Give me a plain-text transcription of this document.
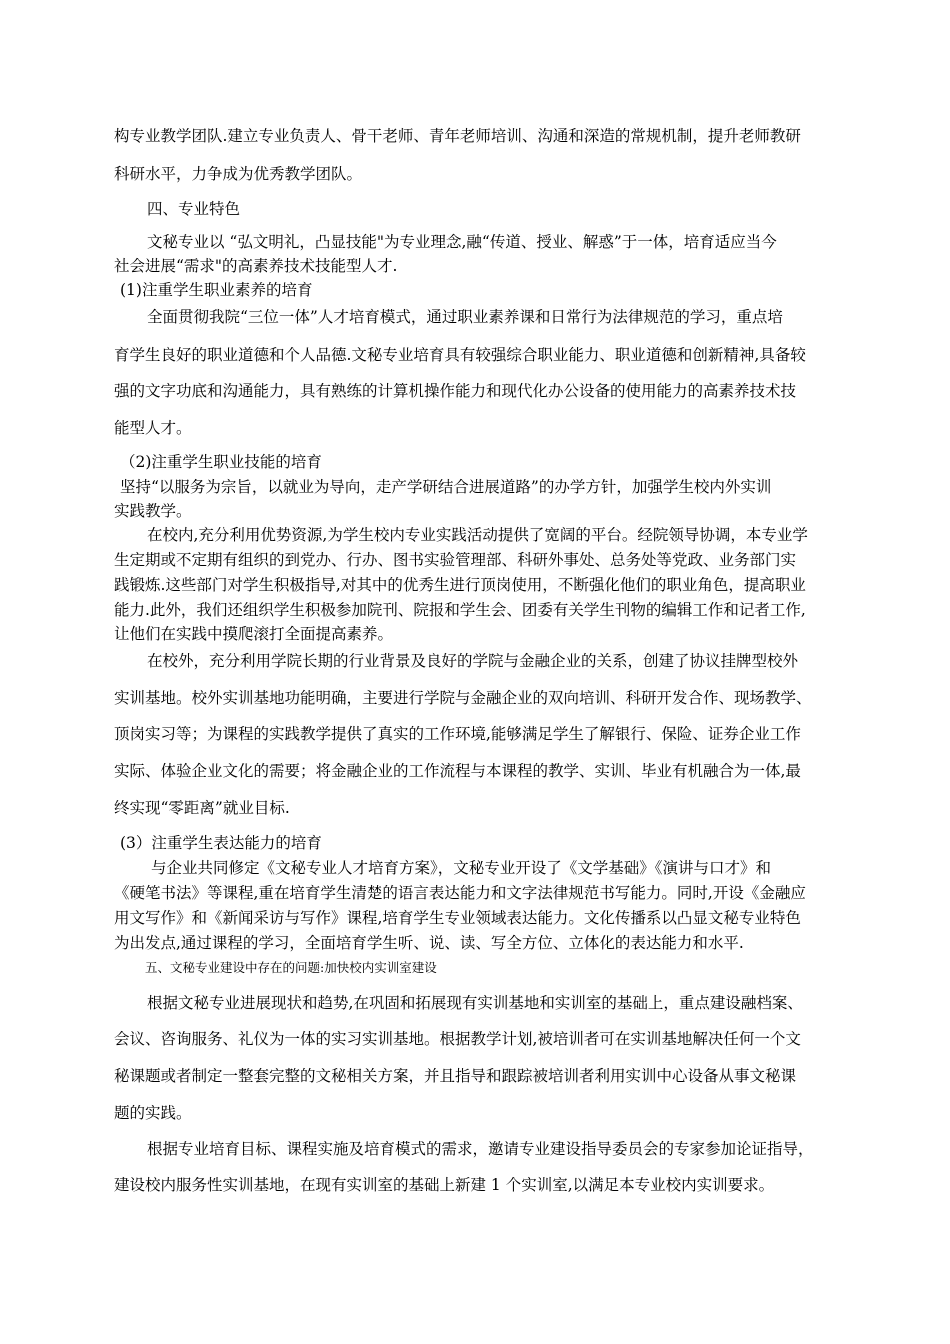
构专业教学团队.建立专业负责人、骨干老师、青年老师培训、沟通和深造的常规机制，提升老师教研
科研水平，力争成为优秀教学团队。
四、专业特色
文秘专业以 “弘文明礼，凸显技能"为专业理念,融“传道、授业、解惑”于一体，培育适应当今
社会进展“需求"的高素养技术技能型人才.
(1)注重学生职业素养的培育
全面贯彻我院“三位一体”人才培育模式，通过职业素养课和日常行为法律规范的学习，重点培
育学生良好的职业道德和个人品德.文秘专业培育具有较强综合职业能力、职业道德和创新精神,具备较
强的文字功底和沟通能力，具有熟练的计算机操作能力和现代化办公设备的使用能力的高素养技术技
能型人才。
（2)注重学生职业技能的培育
坚持“以服务为宗旨，以就业为导向，走产学研结合进展道路”的办学方针，加强学生校内外实训
实践教学。
在校内,充分利用优势资源,为学生校内专业实践活动提供了宽阔的平台。经院领导协调，本专业学
生定期或不定期有组织的到党办、行办、图书实验管理部、科研外事处、总务处等党政、业务部门实
践锻炼.这些部门对学生积极指导,对其中的优秀生进行顶岗使用，不断强化他们的职业角色，提高职业
能力.此外，我们还组织学生积极参加院刊、院报和学生会、团委有关学生刊物的编辑工作和记者工作,
让他们在实践中摸爬滚打全面提高素养。
在校外，充分利用学院长期的行业背景及良好的学院与金融企业的关系，创建了协议挂牌型校外
实训基地。校外实训基地功能明确，主要进行学院与金融企业的双向培训、科研开发合作、现场教学、
顶岗实习等；为课程的实践教学提供了真实的工作环境,能够满足学生了解银行、保险、证券企业工作
实际、体验企业文化的需要；将金融企业的工作流程与本课程的教学、实训、毕业有机融合为一体,最
终实现“零距离”就业目标.
(3）注重学生表达能力的培育
与企业共同修定《文秘专业人才培育方案》，文秘专业开设了《文学基础》《演讲与口才》和
《硬笔书法》等课程,重在培育学生清楚的语言表达能力和文字法律规范书写能力。同时,开设《金融应
用文写作》和《新闻采访与写作》课程,培育学生专业领域表达能力。文化传播系以凸显文秘专业特色
为出发点,通过课程的学习，全面培育学生听、说、读、写全方位、立体化的表达能力和水平.
五、文秘专业建设中存在的问题:加快校内实训室建设
根据文秘专业进展现状和趋势,在巩固和拓展现有实训基地和实训室的基础上，重点建设融档案、
会议、咨询服务、礼仪为一体的实习实训基地。根据教学计划,被培训者可在实训基地解决任何一个文
秘课题或者制定一整套完整的文秘相关方案，并且指导和跟踪被培训者利用实训中心设备从事文秘课
题的实践。
根据专业培育目标、课程实施及培育模式的需求，邀请专业建设指导委员会的专家参加论证指导，
建设校内服务性实训基地，在现有实训室的基础上新建 1 个实训室,以满足本专业校内实训要求。
